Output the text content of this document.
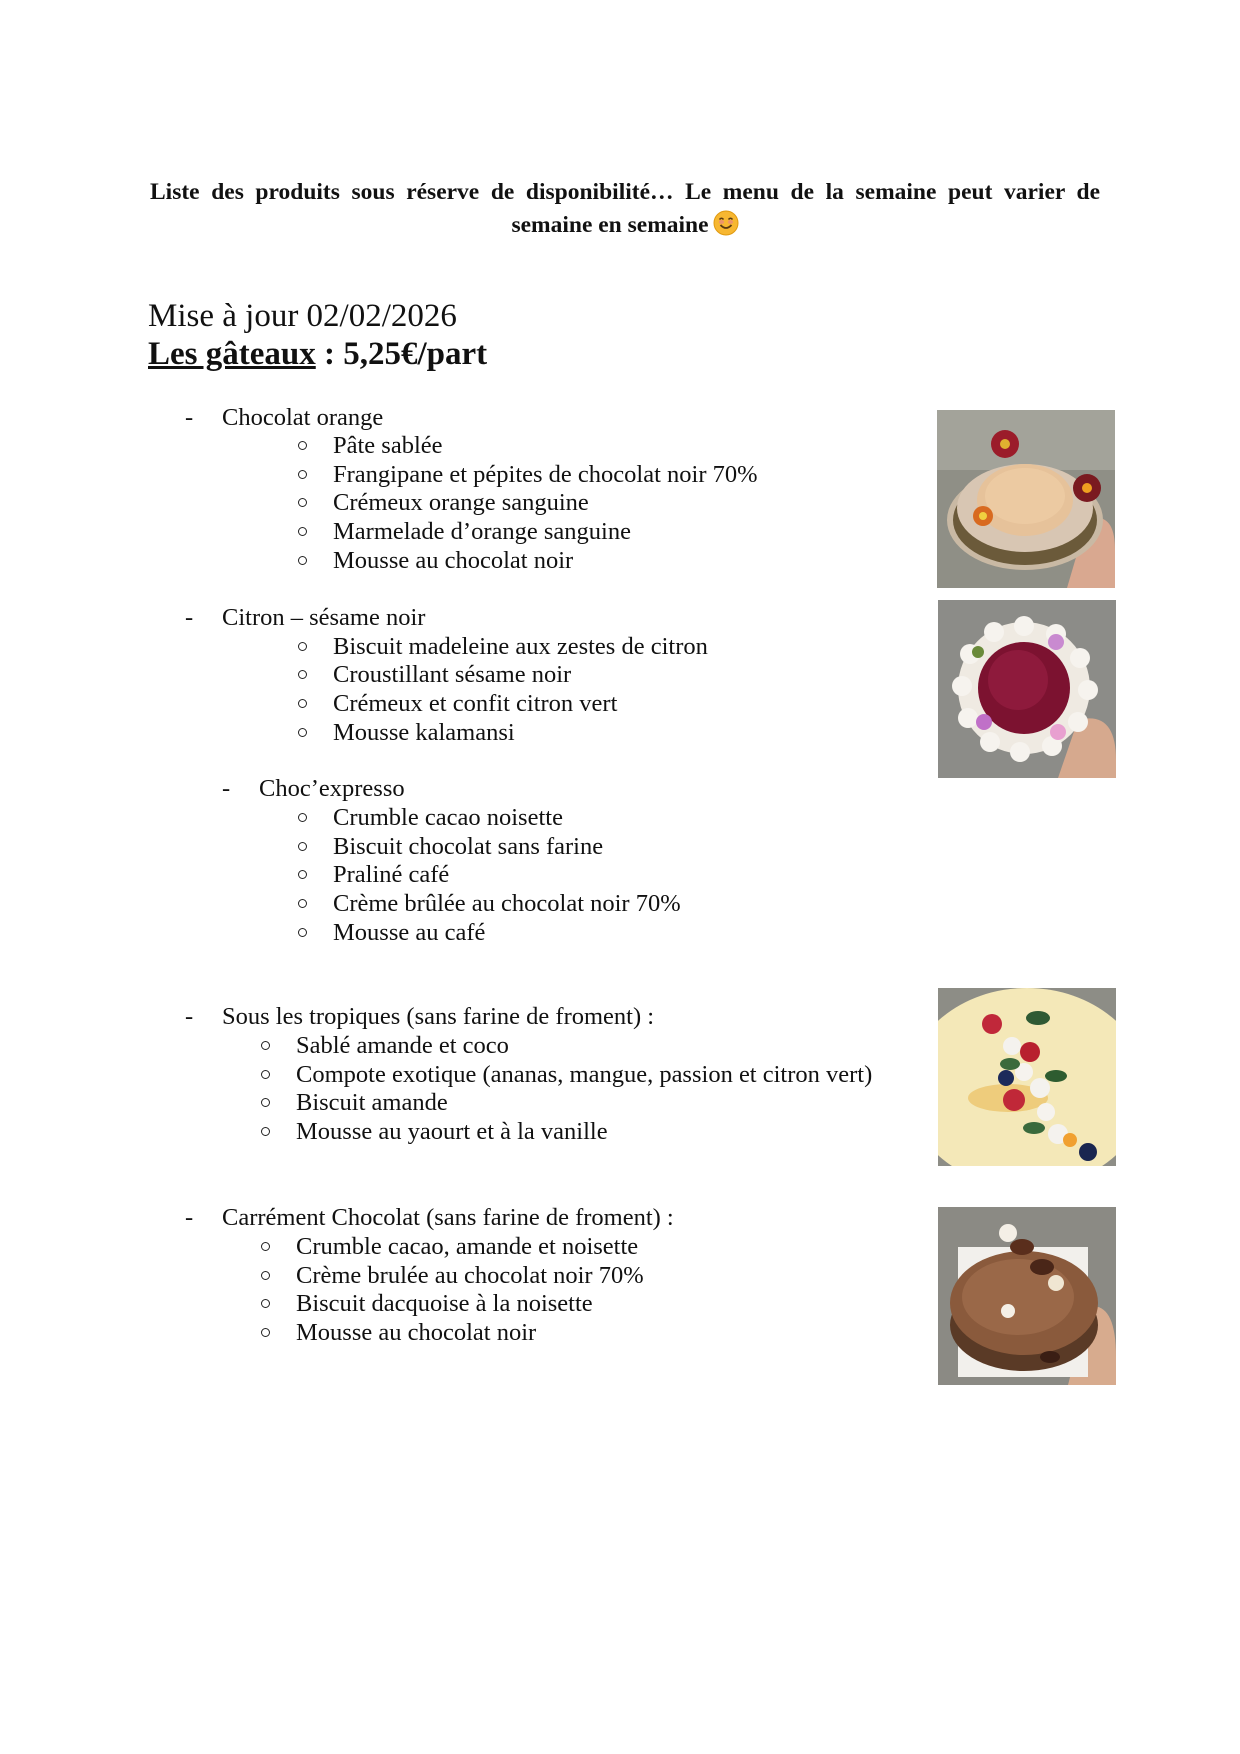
Liste des produits sous réserve de disponibilité… Le menu de la semaine peut varier de semaine en semaine
Mise à jour 02/02/2026
Les gâteaux : 5,25€/part
- Chocolat orange
Pâte sablée
Frangipane et pépites de chocolat noir 70%
Crémeux orange sanguine
Marmelade d’orange sanguine
Mousse au chocolat noir
- Citron – sésame noir
Biscuit madeleine aux zestes de citron
Croustillant sésame noir
Crémeux et confit citron vert
Mousse kalamansi
- Choc’expresso
Crumble cacao noisette
Biscuit chocolat sans farine
Praliné café
Crème brûlée au chocolat noir 70%
Mousse au café
- Sous les tropiques (sans farine de froment) :
Sablé amande et coco
Compote exotique (ananas, mangue, passion et citron vert)
Biscuit amande
Mousse au yaourt et à la vanille
- Carrément Chocolat (sans farine de froment) :
Crumble cacao, amande et noisette
Crème brulée au chocolat noir 70%
Biscuit dacquoise à la noisette
Mousse au chocolat noir
